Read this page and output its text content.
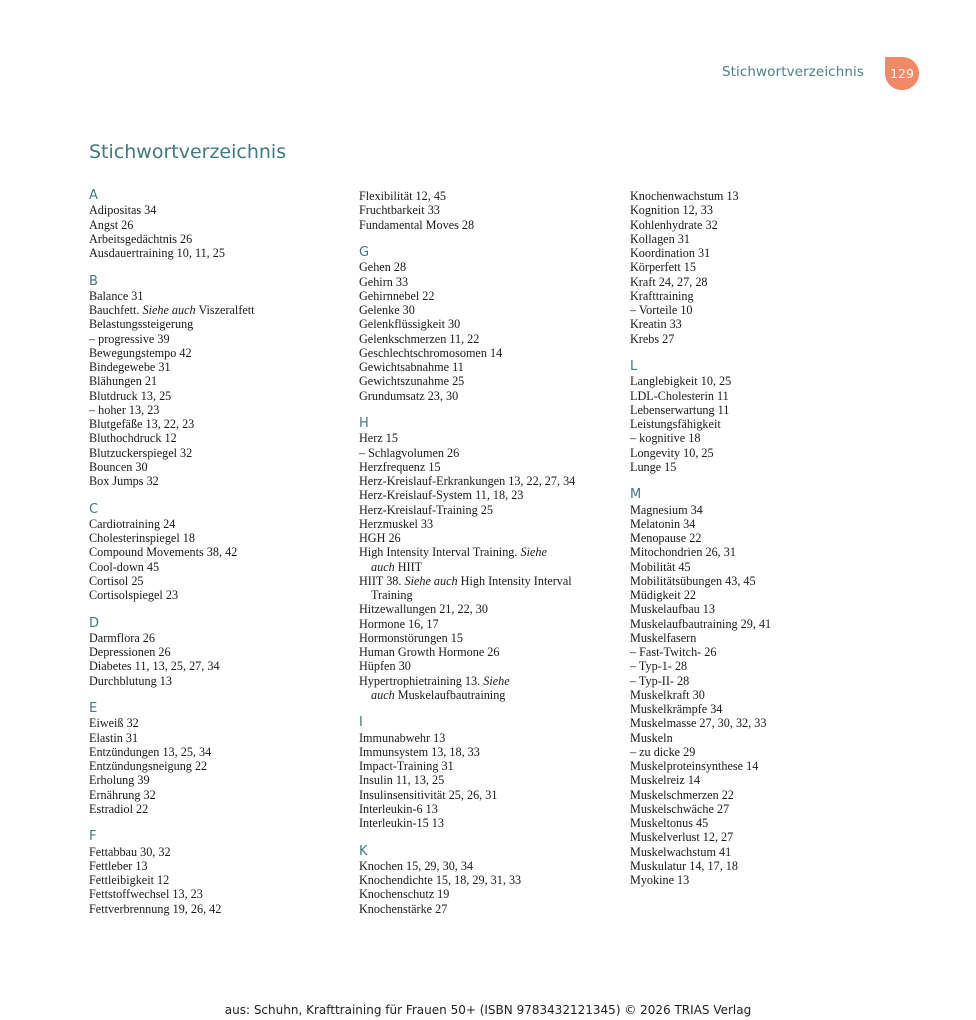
Stichwortverzeichnis	129
Stichwortverzeichnis
A
Adipositas 34
Angst 26
Arbeitsgedächtnis 26
Ausdauertraining 10, 11, 25
B
Balance 31
Bauchfett. Siehe auch Viszeralfett
Belastungssteigerung
– progressive 39
Bewegungstempo 42
Bindegewebe 31
Blähungen 21
Blutdruck 13, 25
– hoher 13, 23
Blutgefäße 13, 22, 23
Bluthochdruck 12
Blutzuckerspiegel 32
Bouncen 30
Box Jumps 32
C
Cardiotraining 24
Cholesterinspiegel 18
Compound Movements 38, 42
Cool-down 45
Cortisol 25
Cortisolspiegel 23
D
Darmflora 26
Depressionen 26
Diabetes 11, 13, 25, 27, 34
Durchblutung 13
E
Eiweiß 32
Elastin 31
Entzündungen 13, 25, 34
Entzündungsneigung 22
Erholung 39
Ernährung 32
Estradiol 22
F
Fettabbau 30, 32
Fettleber 13
Fettleibigkeit 12
Fettstoffwechsel 13, 23
Fettverbrennung 19, 26, 42
Flexibilität 12, 45
Fruchtbarkeit 33
Fundamental Moves 28
G
Gehen 28
Gehirn 33
Gehirnnebel 22
Gelenke 30
Gelenkflüssigkeit 30
Gelenkschmerzen 11, 22
Geschlechtschromosomen 14
Gewichtsabnahme 11
Gewichtszunahme 25
Grundumsatz 23, 30
H
Herz 15
– Schlagvolumen 26
Herzfrequenz 15
Herz-Kreislauf-Erkrankungen 13, 22, 27, 34
Herz-Kreislauf-System 11, 18, 23
Herz-Kreislauf-Training 25
Herzmuskel 33
HGH 26
High Intensity Interval Training. Siehe
auch HIIT
HIIT 38. Siehe auch High Intensity Interval
Training
Hitzewallungen 21, 22, 30
Hormone 16, 17
Hormonstörungen 15
Human Growth Hormone 26
Hüpfen 30
Hypertrophietraining 13. Siehe
auch Muskelaufbautraining
I
Immunabwehr 13
Immunsystem 13, 18, 33
Impact-Training 31
Insulin 11, 13, 25
Insulinsensitivität 25, 26, 31
Interleukin-6 13
Interleukin-15 13
K
Knochen 15, 29, 30, 34
Knochendichte 15, 18, 29, 31, 33
Knochenschutz 19
Knochenstärke 27
Knochenwachstum 13
Kognition 12, 33
Kohlenhydrate 32
Kollagen 31
Koordination 31
Körperfett 15
Kraft 24, 27, 28
Krafttraining
– Vorteile 10
Kreatin 33
Krebs 27
L
Langlebigkeit 10, 25
LDL-Cholesterin 11
Lebenserwartung 11
Leistungsfähigkeit
– kognitive 18
Longevity 10, 25
Lunge 15
M
Magnesium 34
Melatonin 34
Menopause 22
Mitochondrien 26, 31
Mobilität 45
Mobilitätsübungen 43, 45
Müdigkeit 22
Muskelaufbau 13
Muskelaufbautraining 29, 41
Muskelfasern
– Fast-Twitch- 26
– Typ-1- 28
– Typ-II- 28
Muskelkraft 30
Muskelkrämpfe 34
Muskelmasse 27, 30, 32, 33
Muskeln
– zu dicke 29
Muskelproteinsynthese 14
Muskelreiz 14
Muskelschmerzen 22
Muskelschwäche 27
Muskeltonus 45
Muskelverlust 12, 27
Muskelwachstum 41
Muskulatur 14, 17, 18
Myokine 13
aus: Schuhn, Krafttraining für Frauen 50+ (ISBN 9783432121345) © 2026 TRIAS Verlag
